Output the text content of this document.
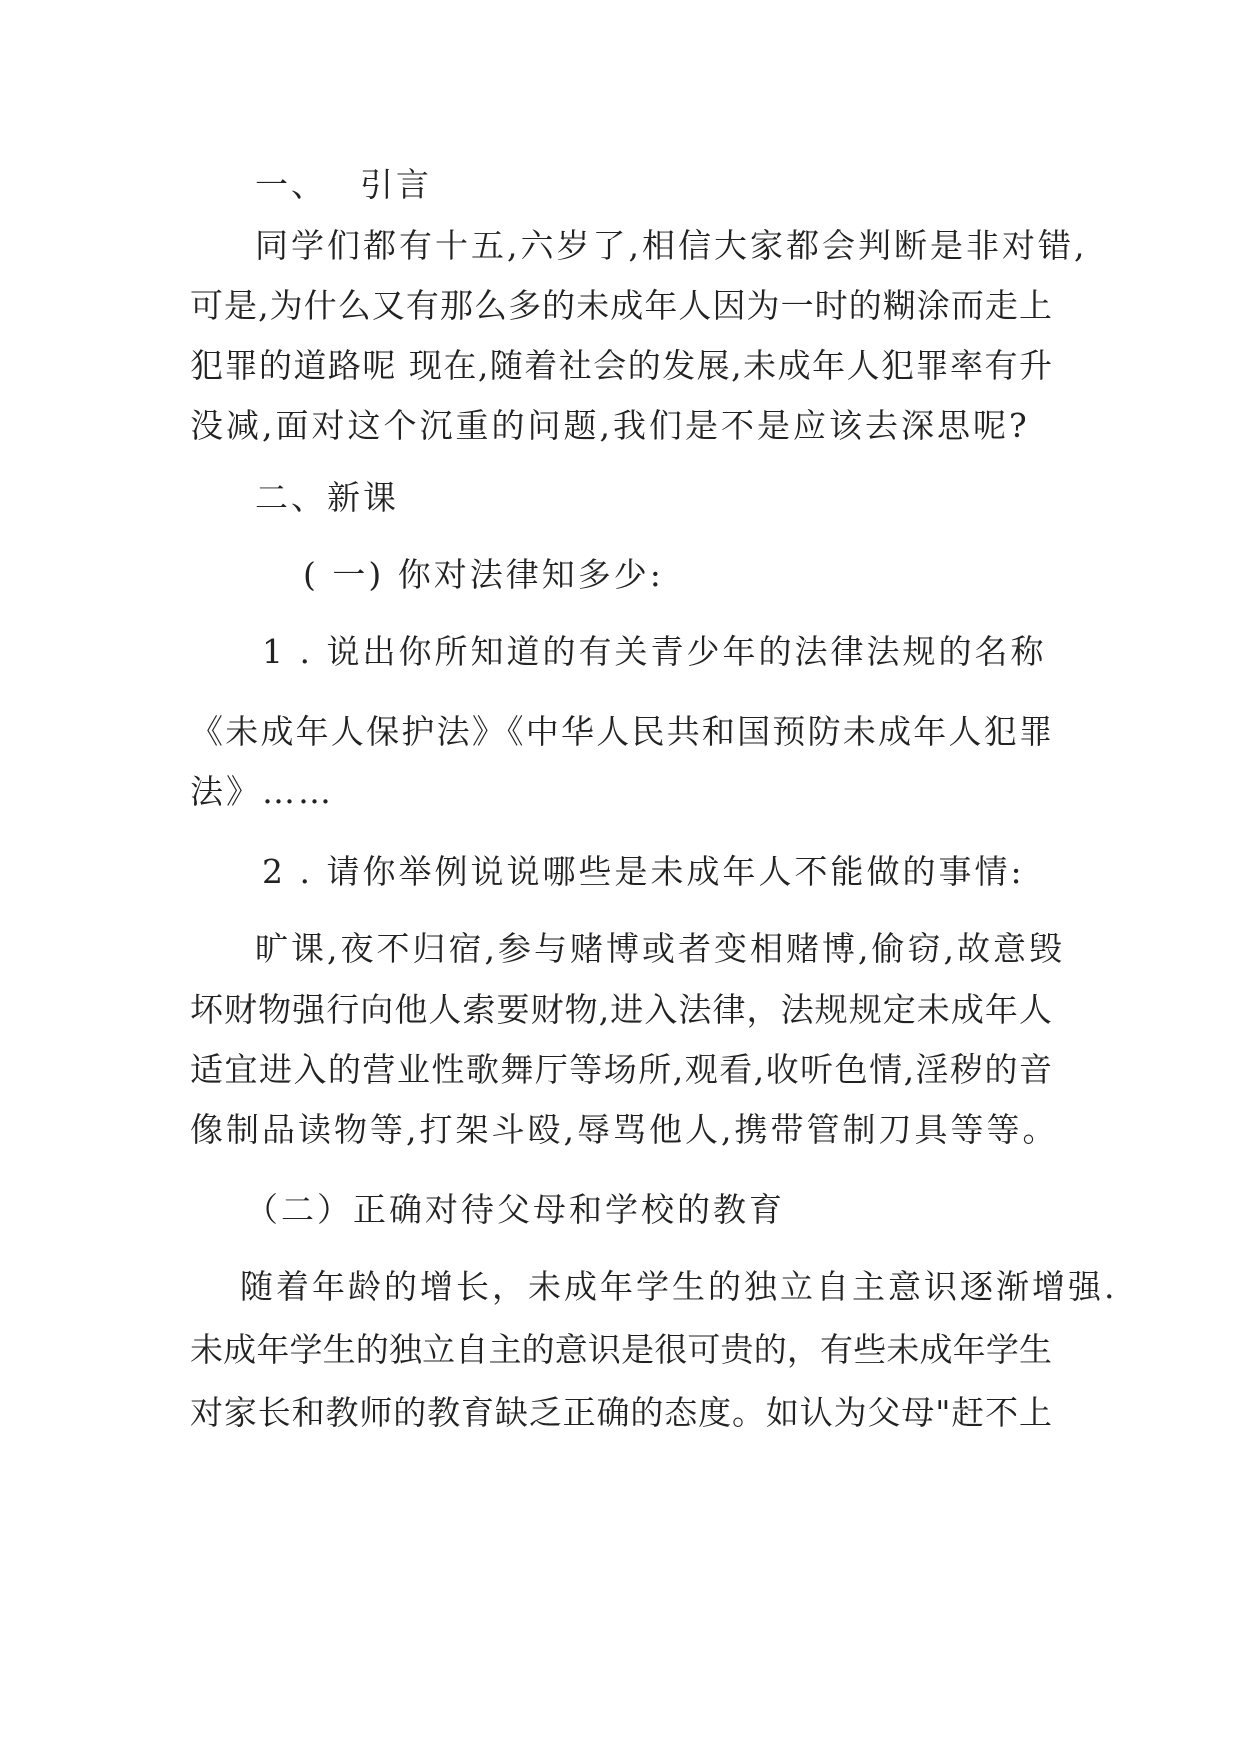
一、　 引言
同学们都有十五,六岁了,相信大家都会判断是非对错,
可是,为什么又有那么多的未成年人因为一时的糊涂而走上
犯罪的道路呢 现在,随着社会的发展,未成年人犯罪率有升
没减,面对这个沉重的问题,我们是不是应该去深思呢?
二、新课
( 一) 你对法律知多少:
1 . 说出你所知道的有关青少年的法律法规的名称
《未成年人保护法》《中华人民共和国预防未成年人犯罪
法》……
2 . 请你举例说说哪些是未成年人不能做的事情:
旷课,夜不归宿,参与赌博或者变相赌博,偷窃,故意毁
坏财物强行向他人索要财物,进入法律，法规规定未成年人
适宜进入的营业性歌舞厅等场所,观看,收听色情,淫秽的音
像制品读物等,打架斗殴,辱骂他人,携带管制刀具等等。
（二）正确对待父母和学校的教育
随着年龄的增长，未成年学生的独立自主意识逐渐增强.
未成年学生的独立自主的意识是很可贵的，有些未成年学生
对家长和教师的教育缺乏正确的态度。如认为父母"赶不上
